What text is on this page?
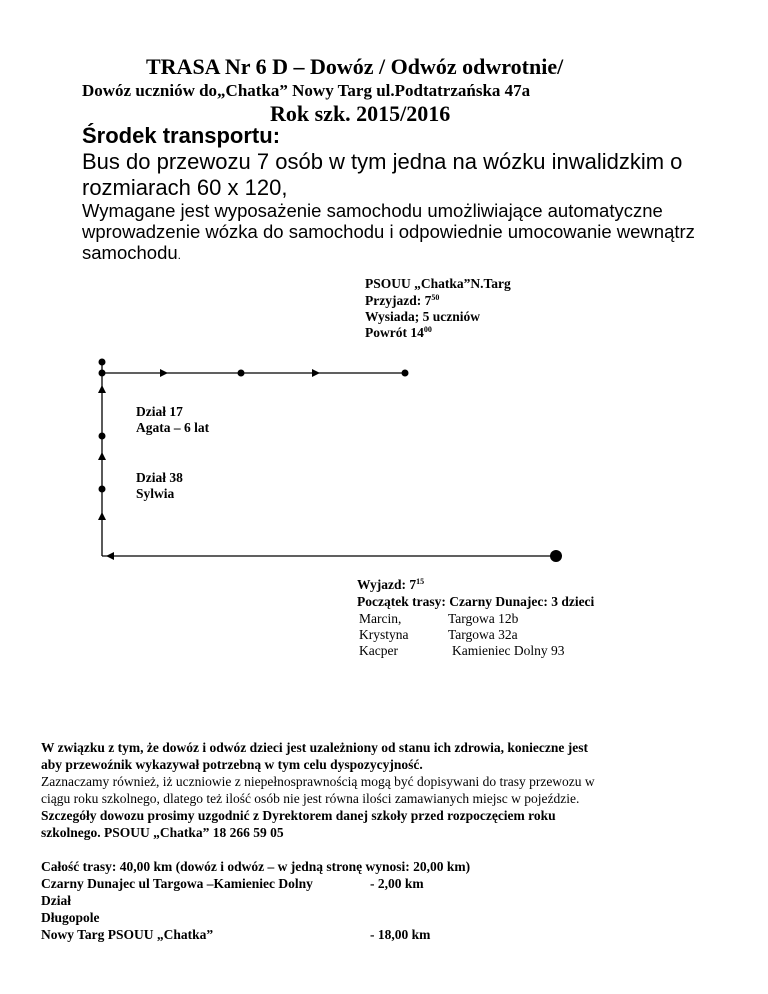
TRASA Nr 6 D – Dowóz / Odwóz odwrotnie/
Dowóz uczniów do„Chatka” Nowy Targ ul.Podtatrzańska 47a
Rok szk. 2015/2016
Środek transportu:
Bus do przewozu 7 osób w tym jedna na wózku inwalidzkim o
rozmiarach 60 x 120,
Wymagane jest wyposażenie samochodu umożliwiające automatyczne
wprowadzenie wózka do samochodu i odpowiednie umocowanie wewnątrz
samochodu.
PSOUU „Chatka”N.Targ
Przyjazd: $7^{50}$
Wysiada; 5 uczniów
Powrót $14^{00}$
Dział 17
Agata – 6 lat
Dział 38
Sylwia
Wyjazd: $7^{15}$
Początek trasy: Czarny Dunajec: 3 dzieci
Marcin,	Targowa 12b
Krystyna	Targowa 32a
Kacper	Kamieniec Dolny 93
W związku z tym, że dowóz i odwóz dzieci jest uzależniony od stanu ich zdrowia, konieczne jest
aby przewoźnik wykazywał potrzebną w tym celu dyspozycyjność.
Zaznaczamy również, iż uczniowie z niepełnosprawnością mogą być dopisywani do trasy przewozu w
ciągu roku szkolnego, dlatego też ilość osób nie jest równa ilości zamawianych miejsc w pojeździe.
Szczegóły dowozu prosimy uzgodnić z Dyrektorem danej szkoły przed rozpoczęciem roku
szkolnego. PSOUU „Chatka” 18 266 59 05
Całość trasy: 40,00 km (dowóz i odwóz – w jedną stronę wynosi: 20,00 km)
Czarny Dunajec ul Targowa –Kamieniec Dolny	- 2,00 km
Dział
Długopole
Nowy Targ PSOUU „Chatka”	- 18,00 km
